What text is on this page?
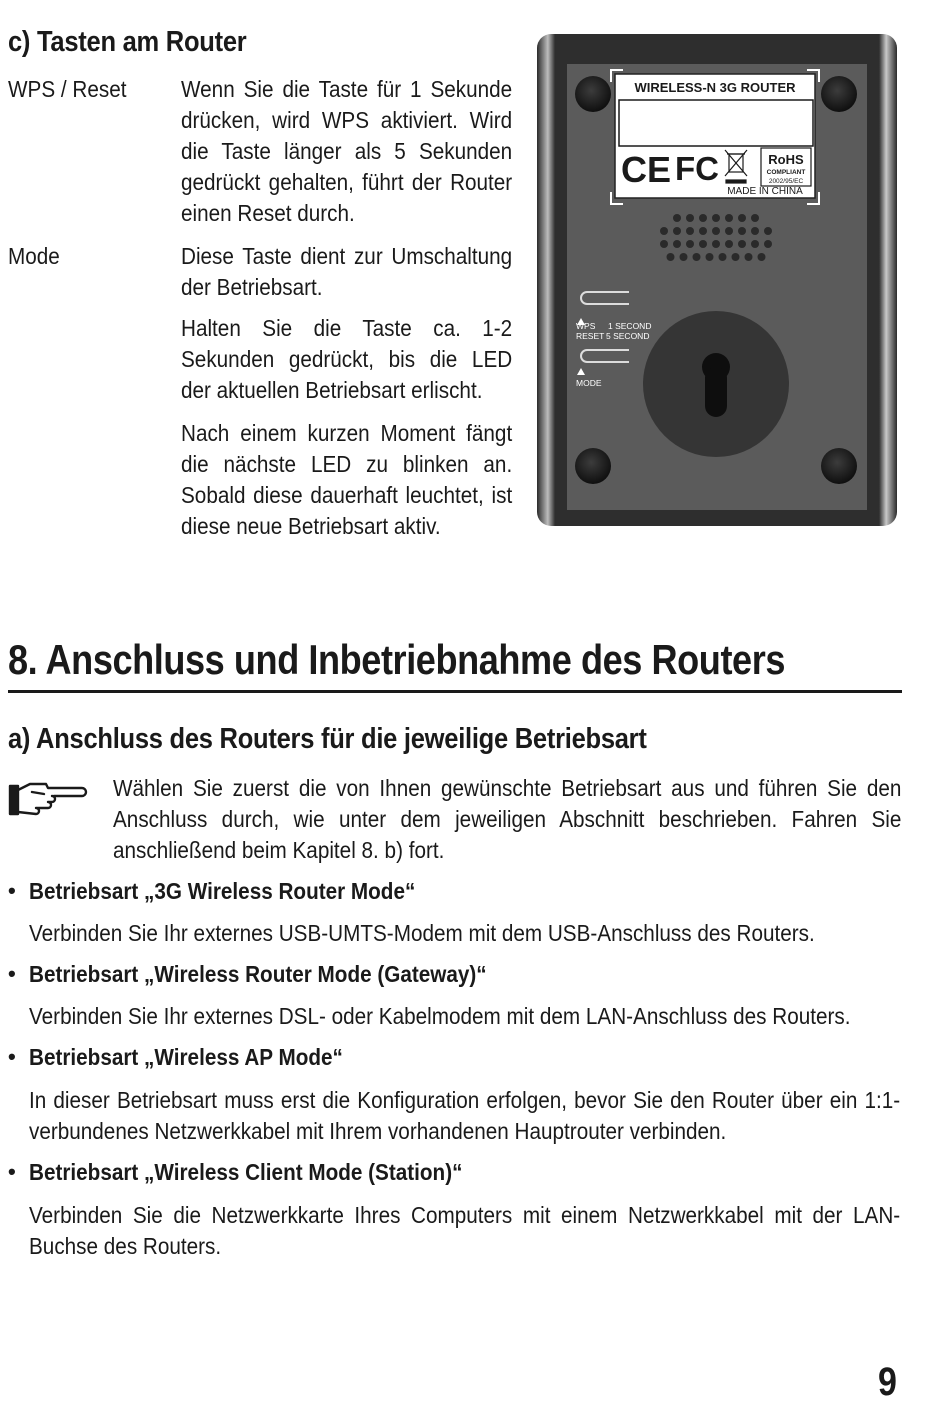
c) Tasten am Router
WPS / Reset Wenn Sie die Taste für 1 Sekunde drücken, wird WPS aktiviert. Wird die Taste länger als 5 Sekunden gedrückt gehalten, führt der Router einen Reset durch.
Mode	Diese Taste dient zur Umschaltung der Betriebsart.
Halten Sie die Taste ca. 1-2 Sekunden gedrückt, bis die LED der aktuellen Betriebsart erlischt.
Nach einem kurzen Moment fängt die nächste LED zu blinken an. Sobald diese dauerhaft leuchtet, ist diese neue Betriebsart aktiv.
WIRELESS-N 3G ROUTER
CE FC	RoHS
COMPLIANT
2002/95/EC
MADE IN CHINA
WPS 1 SECOND
RESET 5 SECOND
MODE
8. Anschluss und Inbetriebnahme des Routers
a) Anschluss des Routers für die jeweilige Betriebsart
Wählen Sie zuerst die von Ihnen gewünschte Betriebsart aus und führen Sie den Anschluss durch, wie unter dem jeweiligen Abschnitt beschrieben. Fahren Sie anschließend beim Kapitel 8. b) fort.
• Betriebsart „3G Wireless Router Mode“
Verbinden Sie Ihr externes USB-UMTS-Modem mit dem USB-Anschluss des Routers.
• Betriebsart „Wireless Router Mode (Gateway)“
Verbinden Sie Ihr externes DSL- oder Kabelmodem mit dem LAN-Anschluss des Routers.
• Betriebsart „Wireless AP Mode“
In dieser Betriebsart muss erst die Konfiguration erfolgen, bevor Sie den Router über ein 1:1-verbundenes Netzwerkkabel mit Ihrem vorhandenen Hauptrouter verbinden.
• Betriebsart „Wireless Client Mode (Station)“
Verbinden Sie die Netzwerkkarte Ihres Computers mit einem Netzwerkkabel mit der LAN-Buchse des Routers.
9
